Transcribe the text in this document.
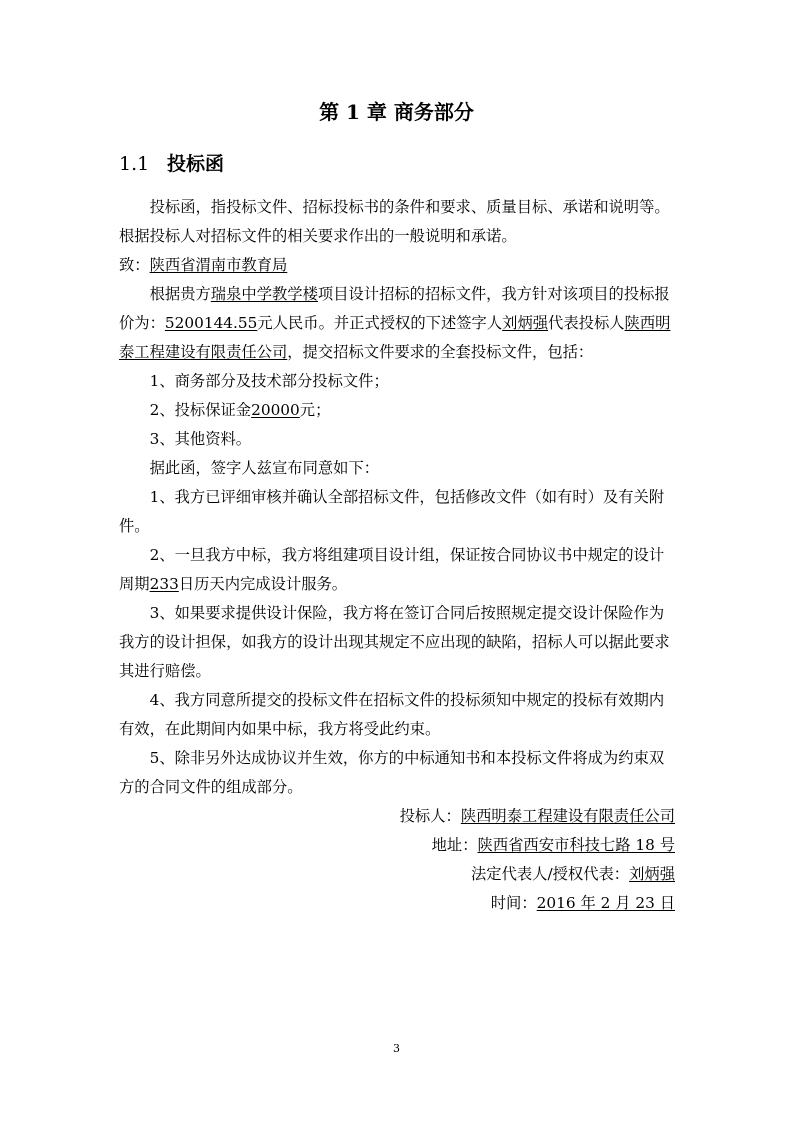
第 1 章 商务部分
1.1 投标函

投标函，指投标文件、招标投标书的条件和要求、质量目标、承诺和说明等。根据投标人对招标文件的相关要求作出的一般说明和承诺。

致：陕西省渭南市教育局

根据贵方瑞泉中学教学楼项目设计招标的招标文件，我方针对该项目的投标报价为：5200144.55元人民币。并正式授权的下述签字人刘炳强代表投标人陕西明泰工程建设有限责任公司，提交招标文件要求的全套投标文件，包括：

1、商务部分及技术部分投标文件；

2、投标保证金20000元；

3、其他资料。

据此函，签字人兹宣布同意如下：

1、我方已评细审核并确认全部招标文件，包括修改文件（如有时）及有关附件。

2、一旦我方中标，我方将组建项目设计组，保证按合同协议书中规定的设计周期233日历天内完成设计服务。

3、如果要求提供设计保险，我方将在签订合同后按照规定提交设计保险作为我方的设计担保，如我方的设计出现其规定不应出现的缺陷，招标人可以据此要求其进行赔偿。

4、我方同意所提交的投标文件在招标文件的投标须知中规定的投标有效期内有效，在此期间内如果中标，我方将受此约束。

5、除非另外达成协议并生效，你方的中标通知书和本投标文件将成为约束双方的合同文件的组成部分。

投标人：陕西明泰工程建设有限责任公司

地址：陕西省西安市科技七路 18 号

法定代表人/授权代表：刘炳强

时间：2016 年 2 月 23 日

3
